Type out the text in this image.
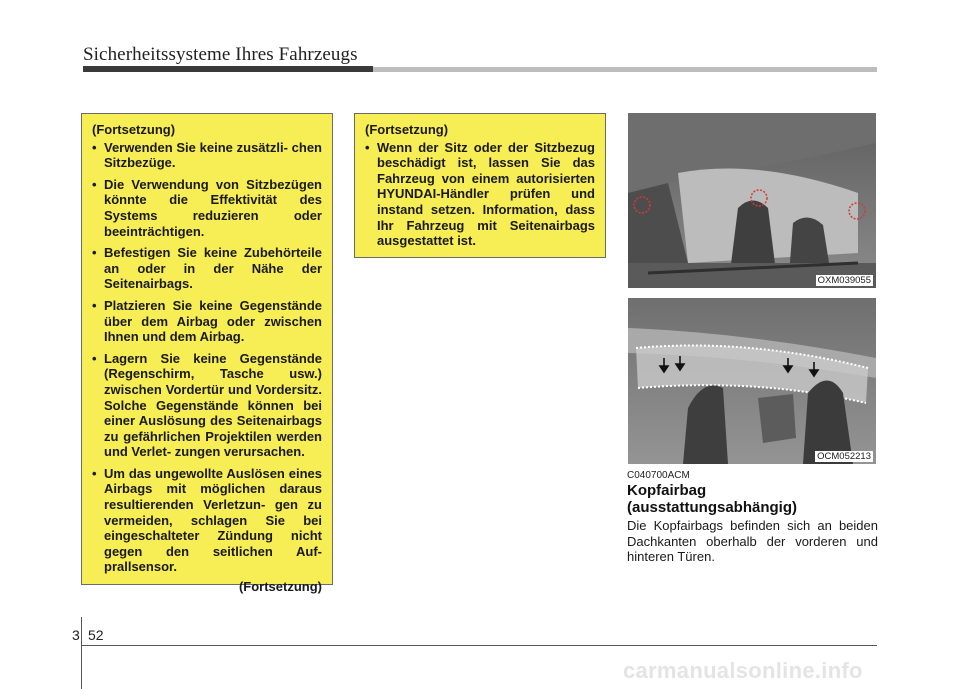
Sicherheitssysteme Ihres Fahrzeugs
(Fortsetzung)
• Verwenden Sie keine zusätzli- chen Sitzbezüge.
• Die Verwendung von Sitzbezügen könnte die Effektivität des Systems reduzieren oder beeinträchtigen.
• Befestigen Sie keine Zubehörteile an oder in der Nähe der Seitenairbags.
• Platzieren Sie keine Gegenstände über dem Airbag oder zwischen Ihnen und dem Airbag.
• Lagern Sie keine Gegenstände (Regenschirm, Tasche usw.) zwischen Vordertür und Vordersitz. Solche Gegenstände können bei einer Auslösung des Seitenairbags zu gefährlichen Projektilen werden und Verlet- zungen verursachen.
• Um das ungewollte Auslösen eines Airbags mit möglichen daraus resultierenden Verletzun- gen zu vermeiden, schlagen Sie bei eingeschalteter Zündung nicht gegen den seitlichen Auf- prallsensor.
(Fortsetzung)
(Fortsetzung)
• Wenn der Sitz oder der Sitzbezug beschädigt ist, lassen Sie das Fahrzeug von einem autorisierten HYUNDAI-Händler prüfen und instand setzen. Information, dass Ihr Fahrzeug mit Seitenairbags ausgestattet ist.
OXM039055
OCM052213
C040700ACM
Kopfairbag
(ausstattungsabhängig)
Die Kopfairbags befinden sich an beiden Dachkanten oberhalb der vorderen und hinteren Türen.
3 52
carmanualsonline.info
